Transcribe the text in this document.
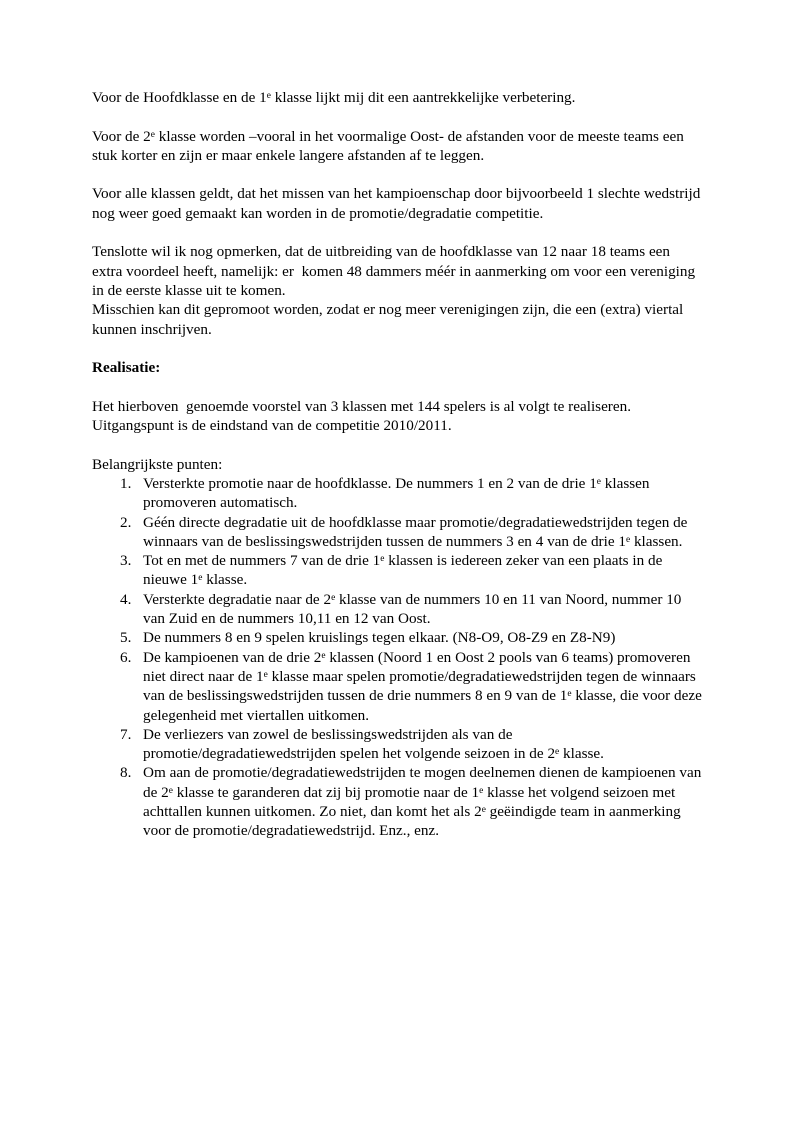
Voor de Hoofdklasse en de 1e klasse lijkt mij dit een aantrekkelijke verbetering.

Voor de 2e klasse worden –vooral in het voormalige Oost- de afstanden voor de meeste teams een stuk korter en zijn er maar enkele langere afstanden af te leggen.

Voor alle klassen geldt, dat het missen van het kampioenschap door bijvoorbeeld 1 slechte wedstrijd nog weer goed gemaakt kan worden in de promotie/degradatie competitie.

Tenslotte wil ik nog opmerken, dat de uitbreiding van de hoofdklasse van 12 naar 18 teams een extra voordeel heeft, namelijk: er  komen 48 dammers méér in aanmerking om voor een vereniging in de eerste klasse uit te komen.

Misschien kan dit gepromoot worden, zodat er nog meer verenigingen zijn, die een (extra) viertal kunnen inschrijven.

Realisatie:

Het hierboven  genoemde voorstel van 3 klassen met 144 spelers is al volgt te realiseren. Uitgangspunt is de eindstand van de competitie 2010/2011.

Belangrijkste punten:

Versterkte promotie naar de hoofdklasse. De nummers 1 en 2 van de drie 1e klassen promoveren automatisch.
Géén directe degradatie uit de hoofdklasse maar promotie/degradatiewedstrijden tegen de winnaars van de beslissingswedstrijden tussen de nummers 3 en 4 van de drie 1e klassen.
Tot en met de nummers 7 van de drie 1e klassen is iedereen zeker van een plaats in de nieuwe 1e klasse.
Versterkte degradatie naar de 2e klasse van de nummers 10 en 11 van Noord, nummer 10 van Zuid en de nummers 10,11 en 12 van Oost.
De nummers 8 en 9 spelen kruislings tegen elkaar. (N8-O9, O8-Z9 en Z8-N9)
De kampioenen van de drie 2e klassen (Noord 1 en Oost 2 pools van 6 teams) promoveren niet direct naar de 1e klasse maar spelen promotie/degradatiewedstrijden tegen de winnaars van de beslissingswedstrijden tussen de drie nummers 8 en 9 van de 1e klasse, die voor deze gelegenheid met viertallen uitkomen.
De verliezers van zowel de beslissingswedstrijden als van de promotie/degradatiewedstrijden spelen het volgende seizoen in de 2e klasse.
Om aan de promotie/degradatiewedstrijden te mogen deelnemen dienen de kampioenen van de 2e klasse te garanderen dat zij bij promotie naar de 1e klasse het volgend seizoen met achttallen kunnen uitkomen. Zo niet, dan komt het als 2e geëindigde team in aanmerking voor de promotie/degradatiewedstrijd. Enz., enz.
